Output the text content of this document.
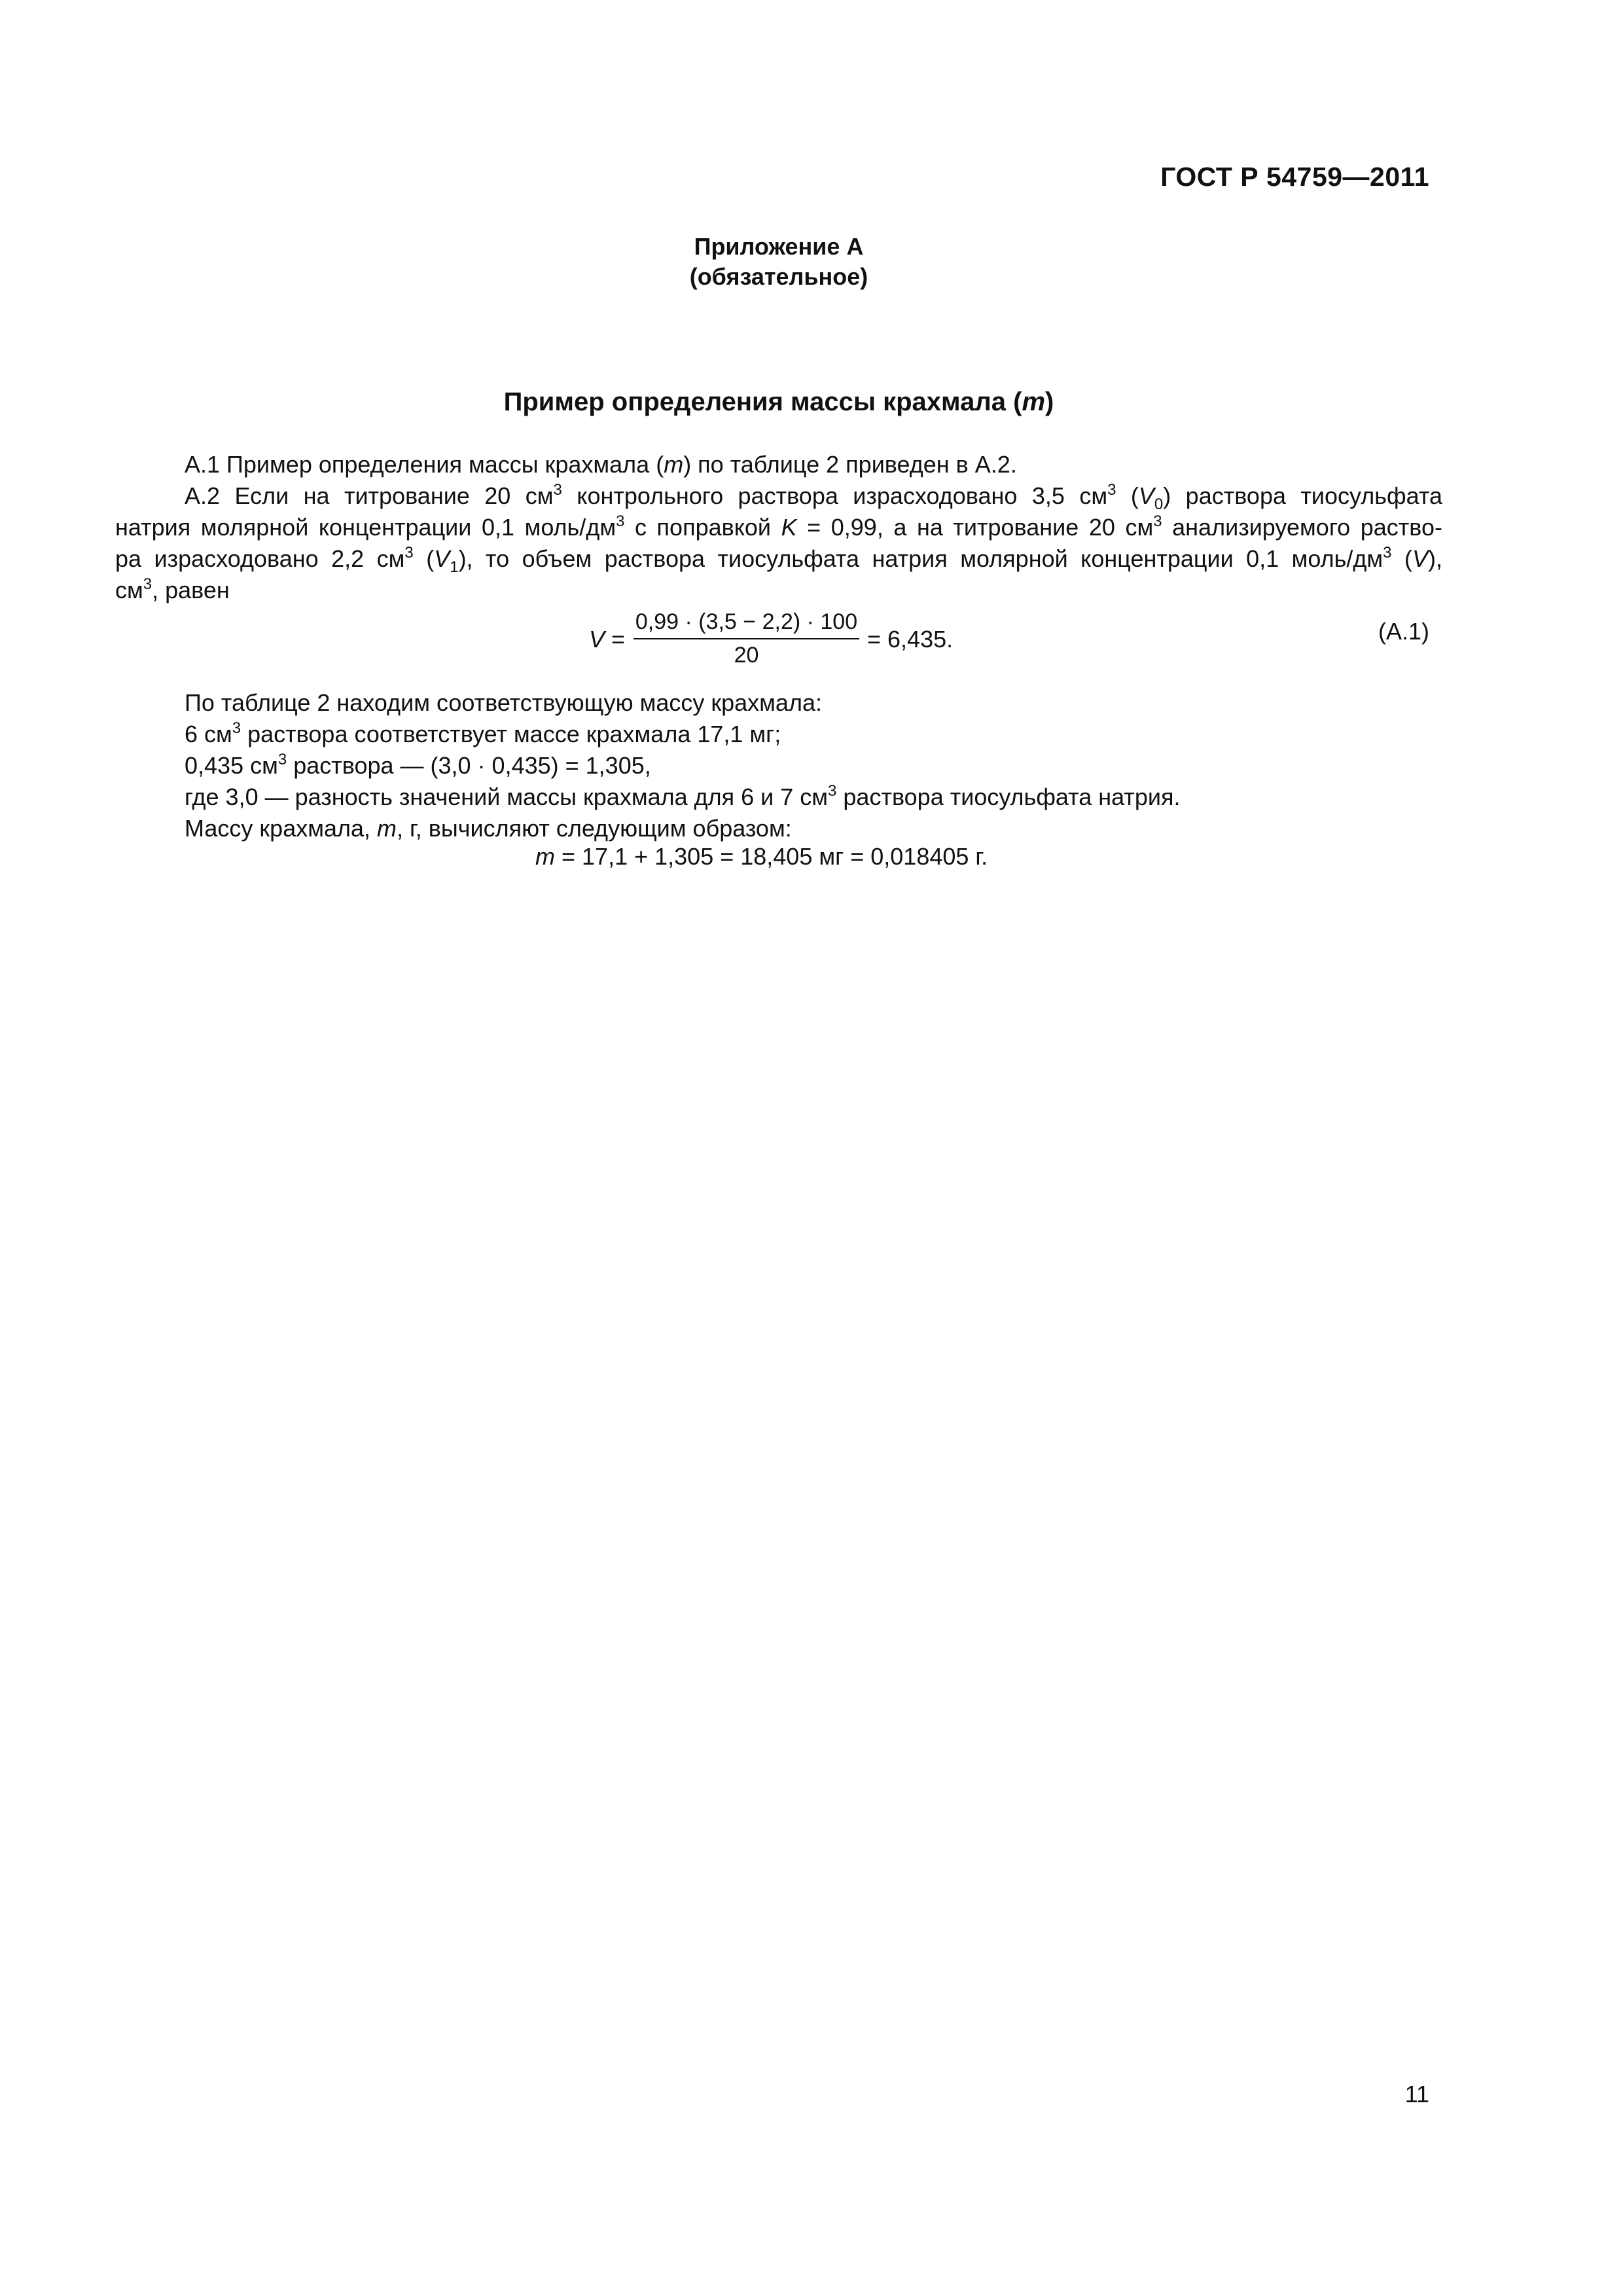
ГОСТ Р 54759—2011
Приложение А
(обязательное)
Пример определения массы крахмала (m)
А.1 Пример определения массы крахмала (m) по таблице 2 приведен в А.2.
А.2 Если на титрование 20 $см^3$ контрольного раствора израсходовано 3,5 $см^3$ $(V_0)$ раствора тиосульфата
натрия молярной концентрации 0,1 моль/$дм^3$ с поправкой K = 0,99, а на титрование 20 $см^3$ анализируемого раство-
ра израсходовано 2,2 $см^3$ $(V_1)$, то объем раствора тиосульфата натрия молярной концентрации 0,1 моль/$дм^3$ (V),
$см^3$, равен
$V = \frac{0,99 \cdot (3,5 - 2,2) \cdot 100}{20} = 6,435$.	(А.1)
По таблице 2 находим соответствующую массу крахмала:
6 $см^3$ раствора соответствует массе крахмала 17,1 мг;
0,435 $см^3$ раствора — (3,0 · 0,435) = 1,305,
где 3,0 — разность значений массы крахмала для 6 и 7 $см^3$ раствора тиосульфата натрия.
Массу крахмала, m, г, вычисляют следующим образом:
m = 17,1 + 1,305 = 18,405 мг = 0,018405 г.
11
